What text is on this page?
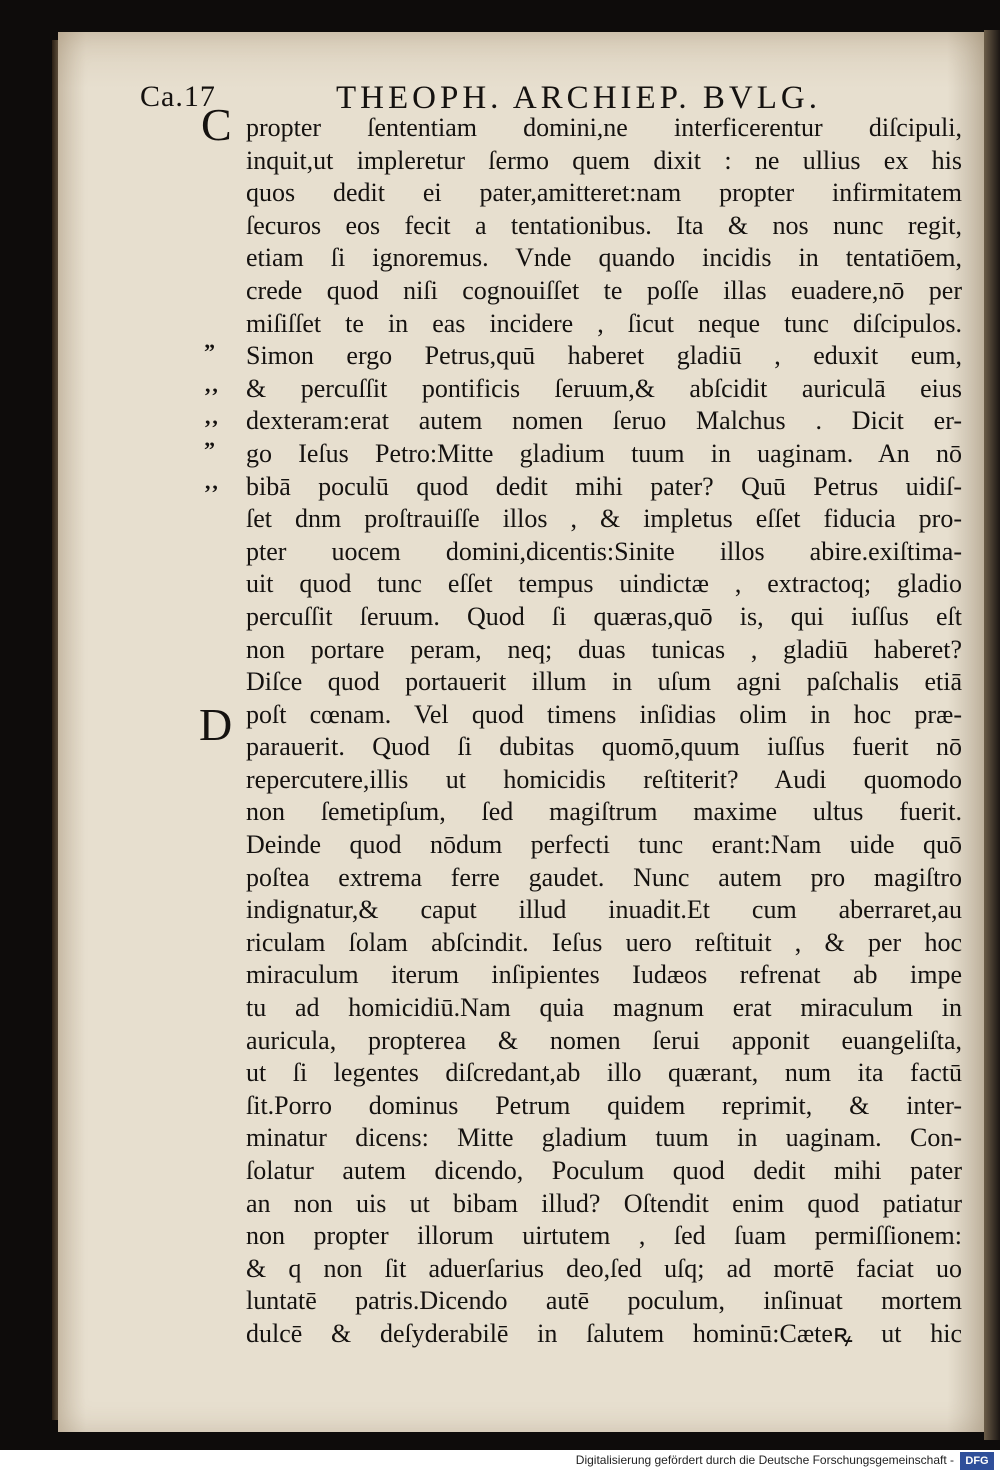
Ca.17	THEOPH. ARCHIEP. BVLG.
C
D
”
‚‚
‚‚
”
‚‚
propter ſententiam domini,ne interficerentur diſcipuli,
inquit,ut impleretur ſermo quem dixit : ne ullius ex his
quos dedit ei pater,amitteret:nam propter infirmitatem
ſecuros eos fecit a tentationibus. Ita & nos nunc regit,
etiam ſi ignoremus. Vnde quando incidis in tentatiōem,
crede quod niſi cognouiſſet te poſſe illas euadere,nō per
miſiſſet te in eas incidere , ſicut neque tunc diſcipulos.
Simon ergo Petrus,quū haberet gladiū , eduxit eum,
& percuſſit pontificis ſeruum,& abſcidit auriculā eius
dexteram:erat autem nomen ſeruo Malchus . Dicit er-
go Ieſus Petro:Mitte gladium tuum in uaginam. An nō
bibā poculū quod dedit mihi pater? Quū Petrus uidiſ-
ſet dnm proſtrauiſſe illos , & impletus eſſet fiducia pro-
pter uocem domini,dicentis:Sinite illos abire.exiſtima-
uit quod tunc eſſet tempus uindictæ , extractoq; gladio
percuſſit ſeruum. Quod ſi quæras,quō is, qui iuſſus eſt
non portare peram, neq; duas tunicas , gladiū haberet?
Diſce quod portauerit illum in uſum agni paſchalis etiā
poſt cœnam. Vel quod timens inſidias olim in hoc præ-
parauerit. Quod ſi dubitas quomō,quum iuſſus fuerit nō
repercutere,illis ut homicidis reſtiterit? Audi quomodo
non ſemetipſum, ſed magiſtrum maxime ultus fuerit.
Deinde quod nōdum perfecti tunc erant:Nam uide quō
poſtea extrema ferre gaudet. Nunc autem pro magiſtro
indignatur,& caput illud inuadit.Et cum aberraret,au
riculam ſolam abſcindit. Ieſus uero reſtituit , & per hoc
miraculum iterum inſipientes Iudæos refrenat ab impe
tu ad homicidiū.Nam quia magnum erat miraculum in
auricula, propterea & nomen ſerui apponit euangeliſta,
ut ſi legentes diſcredant,ab illo quærant, num ita factū
ſit.Porro dominus Petrum quidem reprimit, & inter-
minatur dicens: Mitte gladium tuum in uaginam. Con-
ſolatur autem dicendo, Poculum quod dedit mihi pater
an non uis ut bibam illud? Oſtendit enim quod patiatur
non propter illorum uirtutem , ſed ſuam permiſſionem:
& q non ſit aduerſarius deo,ſed uſq; ad mortē faciat uo
luntatē patris.Dicendo autē poculum, inſinuat mortem
dulcē & deſyderabilē in ſalutem hominū:Cæteꝶ ut hic
Digitalisierung gefördert durch die Deutsche Forschungsgemeinschaft -	DFG
